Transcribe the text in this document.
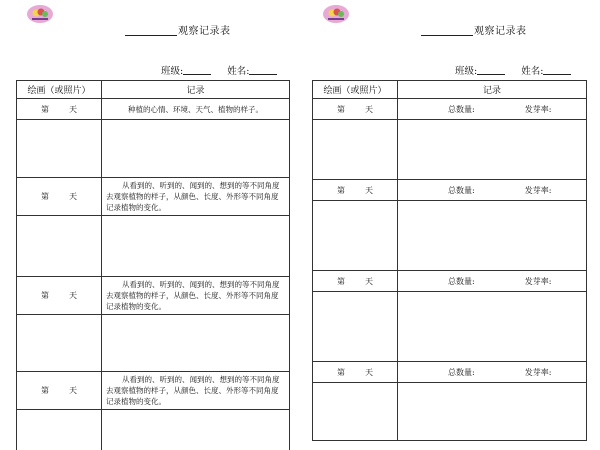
观察记录表
班级:	姓名:
绘画（或照片）	记录
第 天	种植的心情、环境、天气、植物的样子。

第 天	从看到的、听到的、闻到的、想到的等不同角度去观察植物的样子，从颜色、长度、外形等不同角度记录植物的变化。

第 天	从看到的、听到的、闻到的、想到的等不同角度去观察植物的样子，从颜色、长度、外形等不同角度记录植物的变化。

第 天	从看到的、听到的、闻到的、想到的等不同角度去观察植物的样子，从颜色、长度、外形等不同角度记录植物的变化。

观察记录表
班级:	姓名:
绘画（或照片）	记录
第 天	总数量: 发芽率:

第 天	总数量: 发芽率:

第 天	总数量: 发芽率:

第 天	总数量: 发芽率:
